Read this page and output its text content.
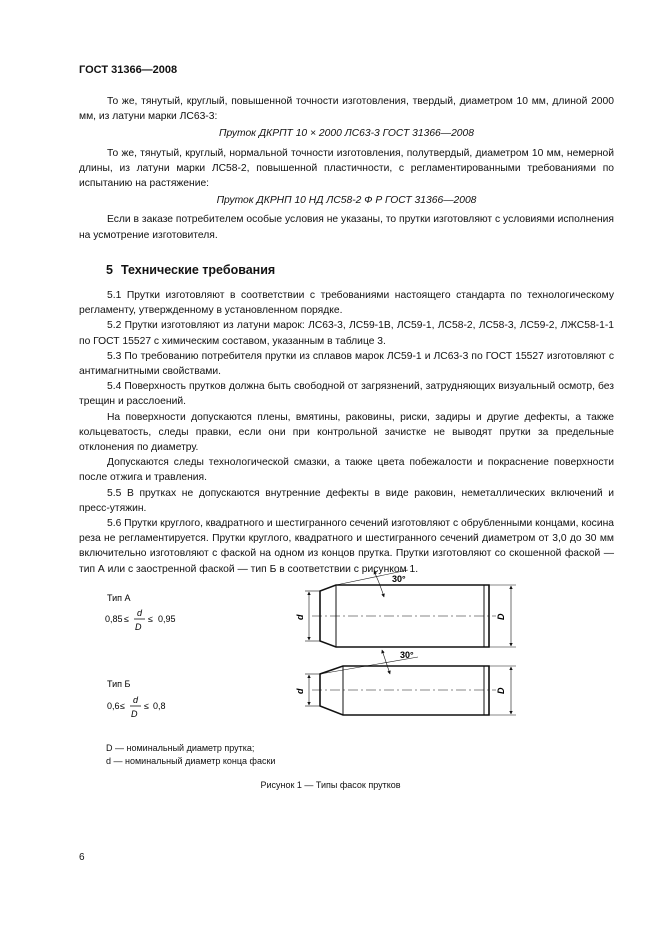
ГОСТ 31366—2008

То же, тянутый, круглый, повышенной точности изготовления, твердый, диаметром 10 мм, длиной 2000 мм, из латуни марки ЛС63-3:

Пруток ДКРПТ 10 × 2000 ЛС63-3 ГОСТ 31366—2008

То же, тянутый, круглый, нормальной точности изготовления, полутвердый, диаметром 10 мм, немерной длины, из латуни марки ЛС58-2, повышенной пластичности, с регламентированными требованиями по испытанию на растяжение:

Пруток ДКРНП 10 НД ЛС58-2 Ф Р ГОСТ 31366—2008

Если в заказе потребителем особые условия не указаны, то прутки изготовляют с условиями исполнения на усмотрение изготовителя.

5 Технические требования

5.1 Прутки изготовляют в соответствии с требованиями настоящего стандарта по технологическому регламенту, утвержденному в установленном порядке.

5.2 Прутки изготовляют из латуни марок: ЛС63-3, ЛС59-1В, ЛС59-1, ЛС58-2, ЛС58-3, ЛС59-2, ЛЖС58-1-1 по ГОСТ 15527 с химическим составом, указанным в таблице 3.

5.3 По требованию потребителя прутки из сплавов марок ЛС59-1 и ЛС63-3 по ГОСТ 15527 изготовляют с антимагнитными свойствами.

5.4 Поверхность прутков должна быть свободной от загрязнений, затрудняющих визуальный осмотр, без трещин и расслоений.

На поверхности допускаются плены, вмятины, раковины, риски, задиры и другие дефекты, а также кольцеватость, следы правки, если они при контрольной зачистке не выводят прутки за предельные отклонения по диаметру.

Допускаются следы технологической смазки, а также цвета побежалости и покраснение поверхности после отжига и травления.

5.5 В прутках не допускаются внутренние дефекты в виде раковин, неметаллических включений и пресс-утяжин.

5.6 Прутки круглого, квадратного и шестигранного сечений изготовляют с обрубленными концами, косина реза не регламентируется. Прутки круглого, квадратного и шестигранного сечений диаметром от 3,0 до 30 мм включительно изготовляют с фаской на одном из концов прутка. Прутки изготовляют со скошенной фаской — тип А или с заостренной фаской — тип Б в соответствии с рисунком 1.

Тип А
0,85 ≤
d
D
≤ 0,95	d	D
30°
Тип Б
0,6 ≤
d
D
≤ 0,8
d	D
30°
D — номинальный диаметр прутка;
d — номинальный диаметр конца фаски
Рисунок 1 — Типы фасок прутков
6
